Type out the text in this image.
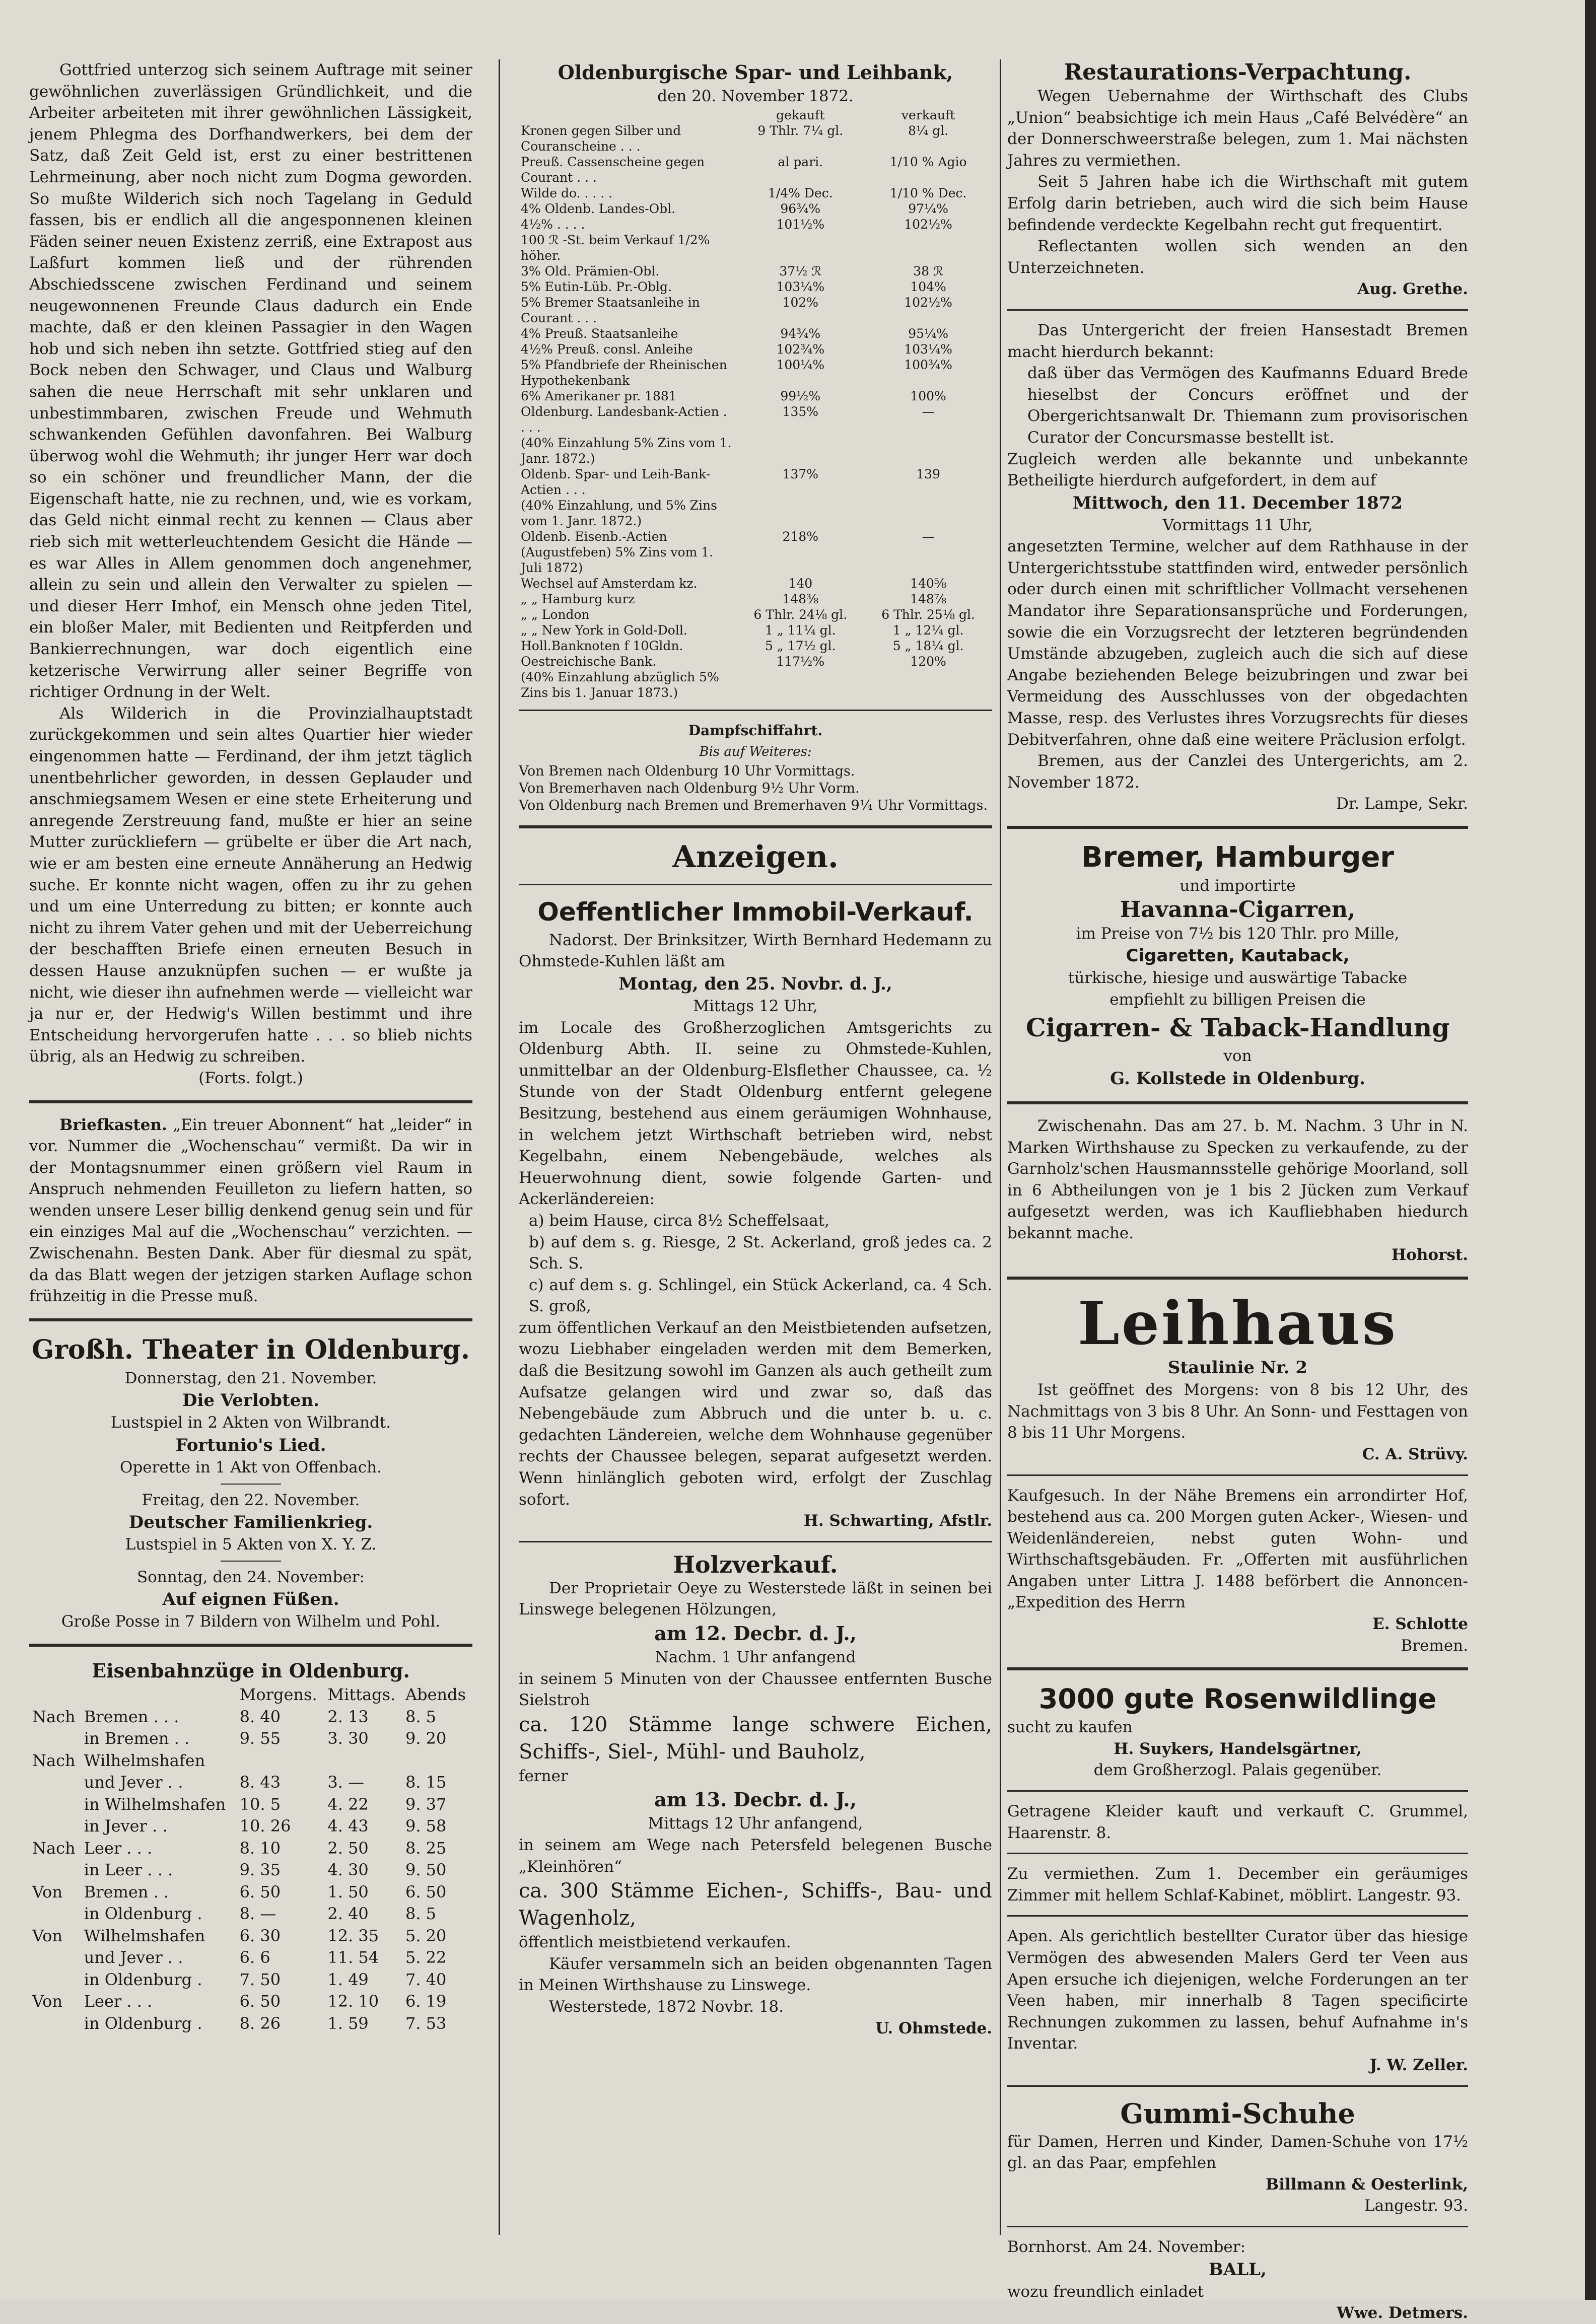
Gottfried unterzog sich seinem Auftrage mit seiner gewöhnlichen zuverlässigen Gründlichkeit, und die Arbeiter arbeiteten mit ihrer gewöhnlichen Lässigkeit, jenem Phlegma des Dorfhandwerkers, bei dem der Satz, daß Zeit Geld ist, erst zu einer bestrittenen Lehrmeinung, aber noch nicht zum Dogma geworden. So mußte Wilderich sich noch Tagelang in Geduld fassen, bis er endlich all die angesponnenen kleinen Fäden seiner neuen Existenz zerriß, eine Extrapost aus Laßfurt kommen ließ und der rührenden Abschiedsscene zwischen Ferdinand und seinem neugewonnenen Freunde Claus dadurch ein Ende machte, daß er den kleinen Passagier in den Wagen hob und sich neben ihn setzte. Gottfried stieg auf den Bock neben den Schwager, und Claus und Walburg sahen die neue Herrschaft mit sehr unklaren und unbestimmbaren, zwischen Freude und Wehmuth schwankenden Gefühlen davonfahren. Bei Walburg überwog wohl die Wehmuth; ihr junger Herr war doch so ein schöner und freundlicher Mann, der die Eigenschaft hatte, nie zu rechnen, und, wie es vorkam, das Geld nicht einmal recht zu kennen — Claus aber rieb sich mit wetterleuchtendem Gesicht die Hände — es war Alles in Allem genommen doch angenehmer, allein zu sein und allein den Verwalter zu spielen — und dieser Herr Imhof, ein Mensch ohne jeden Titel, ein bloßer Maler, mit Bedienten und Reitpferden und Bankierrechnungen, war doch eigentlich eine ketzerische Verwirrung aller seiner Begriffe von richtiger Ordnung in der Welt.

Als Wilderich in die Provinzialhauptstadt zurückgekommen und sein altes Quartier hier wieder eingenommen hatte — Ferdinand, der ihm jetzt täglich unentbehrlicher geworden, in dessen Geplauder und anschmiegsamem Wesen er eine stete Erheiterung und anregende Zerstreuung fand, mußte er hier an seine Mutter zurückliefern — grübelte er über die Art nach, wie er am besten eine erneute Annäherung an Hedwig suche. Er konnte nicht wagen, offen zu ihr zu gehen und um eine Unterredung zu bitten; er konnte auch nicht zu ihrem Vater gehen und mit der Ueberreichung der beschafften Briefe einen erneuten Besuch in dessen Hause anzuknüpfen suchen — er wußte ja nicht, wie dieser ihn aufnehmen werde — vielleicht war ja nur er, der Hedwig's Willen bestimmt und ihre Entscheidung hervorgerufen hatte . . . so blieb nichts übrig, als an Hedwig zu schreiben.

(Forts. folgt.)

Briefkasten. „Ein treuer Abonnent“ hat „leider“ in vor. Nummer die „Wochenschau“ vermißt. Da wir in der Montagsnummer einen größern viel Raum in Anspruch nehmenden Feuilleton zu liefern hatten, so wenden unsere Leser billig denkend genug sein und für ein einziges Mal auf die „Wochenschau“ verzichten. — Zwischenahn. Besten Dank. Aber für diesmal zu spät, da das Blatt wegen der jetzigen starken Auflage schon frühzeitig in die Presse muß.

Großh. Theater in Oldenburg.

Donnerstag, den 21. November.

Die Verlobten.

Lustspiel in 2 Akten von Wilbrandt.

Fortunio's Lied.

Operette in 1 Akt von Offenbach.

Freitag, den 22. November.

Deutscher Familienkrieg.

Lustspiel in 5 Akten von X. Y. Z.

Sonntag, den 24. November:

Auf eignen Füßen.

Große Posse in 7 Bildern von Wilhelm und Pohl.

Eisenbahnzüge in Oldenburg.

		Morgens.	Mittags.	Abends
Nach	Bremen . . .	8. 40	2. 13	8. 5
	in Bremen . .	9. 55	3. 30	9. 20
Nach	Wilhelmshafen			
	und Jever . .	8. 43	3. —	8. 15
	in Wilhelmshafen	10. 5	4. 22	9. 37
	in Jever . .	10. 26	4. 43	9. 58
Nach	Leer . . .	8. 10	2. 50	8. 25
	in Leer . . .	9. 35	4. 30	9. 50
Von	Bremen . .	6. 50	1. 50	6. 50
	in Oldenburg .	8. —	2. 40	8. 5
Von	Wilhelmshafen	6. 30	12. 35	5. 20
	und Jever . .	6. 6	11. 54	5. 22
	in Oldenburg .	7. 50	1. 49	7. 40
Von	Leer . . .	6. 50	12. 10	6. 19
	in Oldenburg .	8. 26	1. 59	7. 53

Oldenburgische Spar- und Leihbank,

den 20. November 1872.

	gekauft	verkauft
Kronen gegen Silber und Couranscheine . . .	9 Thlr. 7¼ gl.	8¼ gl.
Preuß. Cassenscheine gegen Courant . . .	al pari.	1/10 % Agio
Wilde do. . . . .	1/4% Dec.	1/10 % Dec.
4% Oldenb. Landes-Obl.	96¾%	97¼%
4½% . . . .	101½%	102½%
100 ℛ -St. beim Verkauf 1/2% höher.		
3% Old. Prämien-Obl.	37½ ℛ	38 ℛ
5% Eutin-Lüb. Pr.-Oblg.	103¼%	104%
5% Bremer Staatsanleihe in Courant . . .	102%	102½%
4% Preuß. Staatsanleihe	94¾%	95¼%
4½% Preuß. consl. Anleihe	102¾%	103¼%
5% Pfandbriefe der Rheinischen Hypothekenbank	100¼%	100¾%
6% Amerikaner pr. 1881	99½%	100%
Oldenburg. Landesbank-Actien . . . .	135%	—
(40% Einzahlung 5% Zins vom 1. Janr. 1872.)		
Oldenb. Spar- und Leih-Bank-Actien . . .	137%	139
(40% Einzahlung, und 5% Zins vom 1. Janr. 1872.)		
Oldenb. Eisenb.-Actien (Augustfeben) 5% Zins vom 1. Juli 1872)	218%	—
Wechsel auf Amsterdam kz.	140	140⅝
„ „ Hamburg kurz	148⅜	148⅞
„ „ London	6 Thlr. 24⅛ gl.	6 Thlr. 25⅛ gl.
„ „ New York in Gold-Doll.	1 „ 11¼ gl.	1 „ 12¼ gl.
Holl.Banknoten f 10Gldn.	5 „ 17½ gl.	5 „ 18¼ gl.
Oestreichische Bank.	117½%	120%
(40% Einzahlung abzüglich 5% Zins bis 1. Januar 1873.)		

Dampfschiffahrt.

Bis auf Weiteres:

Von Bremen nach Oldenburg 10 Uhr Vormittags.

Von Bremerhaven nach Oldenburg 9½ Uhr Vorm.

Von Oldenburg nach Bremen und Bremerhaven 9¼ Uhr Vormittags.

Anzeigen.

Oeffentlicher Immobil-Verkauf.

Nadorst. Der Brinksitzer, Wirth Bernhard Hedemann zu Ohmstede-Kuhlen läßt am

Montag, den 25. Novbr. d. J.,

Mittags 12 Uhr,

im Locale des Großherzoglichen Amtsgerichts zu Oldenburg Abth. II. seine zu Ohmstede-Kuhlen, unmittelbar an der Oldenburg-Elsflether Chaussee, ca. ½ Stunde von der Stadt Oldenburg entfernt gelegene Besitzung, bestehend aus einem geräumigen Wohnhause, in welchem jetzt Wirthschaft betrieben wird, nebst Kegelbahn, einem Nebengebäude, welches als Heuerwohnung dient, sowie folgende Garten- und Ackerländereien:

a) beim Hause, circa 8½ Scheffelsaat,

b) auf dem s. g. Riesge, 2 St. Ackerland, groß jedes ca. 2 Sch. S.

c) auf dem s. g. Schlingel, ein Stück Ackerland, ca. 4 Sch. S. groß,

zum öffentlichen Verkauf an den Meistbietenden aufsetzen, wozu Liebhaber eingeladen werden mit dem Bemerken, daß die Besitzung sowohl im Ganzen als auch getheilt zum Aufsatze gelangen wird und zwar so, daß das Nebengebäude zum Abbruch und die unter b. u. c. gedachten Ländereien, welche dem Wohnhause gegenüber rechts der Chaussee belegen, separat aufgesetzt werden. Wenn hinlänglich geboten wird, erfolgt der Zuschlag sofort.

H. Schwarting, Afstlr.

Holzverkauf.

Der Proprietair Oeye zu Westerstede läßt in seinen bei Linswege belegenen Hölzungen,

am 12. Decbr. d. J.,

Nachm. 1 Uhr anfangend

in seinem 5 Minuten von der Chaussee entfernten Busche Sielstroh

ca. 120 Stämme lange schwere Eichen, Schiffs-, Siel-, Mühl- und Bauholz,

ferner

am 13. Decbr. d. J.,

Mittags 12 Uhr anfangend,

in seinem am Wege nach Petersfeld belegenen Busche „Kleinhören“

ca. 300 Stämme Eichen-, Schiffs-, Bau- und Wagenholz,

öffentlich meistbietend verkaufen.

Käufer versammeln sich an beiden obgenannten Tagen in Meinen Wirthshause zu Linswege.

Westerstede, 1872 Novbr. 18.

U. Ohmstede.

Restaurations-Verpachtung.

Wegen Uebernahme der Wirthschaft des Clubs „Union“ beabsichtige ich mein Haus „Café Belvédère“ an der Donnerschweerstraße belegen, zum 1. Mai nächsten Jahres zu vermiethen.

Seit 5 Jahren habe ich die Wirthschaft mit gutem Erfolg darin betrieben, auch wird die sich beim Hause befindende verdeckte Kegelbahn recht gut frequentirt.

Reflectanten wollen sich wenden an den Unterzeichneten.

Aug. Grethe.

Das Untergericht der freien Hansestadt Bremen macht hierdurch bekannt:

daß über das Vermögen des Kaufmanns Eduard Brede hieselbst der Concurs eröffnet und der Obergerichtsanwalt Dr. Thiemann zum provisorischen Curator der Concursmasse bestellt ist.

Zugleich werden alle bekannte und unbekannte Betheiligte hierdurch aufgefordert, in dem auf

Mittwoch, den 11. December 1872

Vormittags 11 Uhr,

angesetzten Termine, welcher auf dem Rathhause in der Untergerichtsstube stattfinden wird, entweder persönlich oder durch einen mit schriftlicher Vollmacht versehenen Mandator ihre Separationsansprüche und Forderungen, sowie die ein Vorzugsrecht der letzteren begründenden Umstände abzugeben, zugleich auch die sich auf diese Angabe beziehenden Belege beizubringen und zwar bei Vermeidung des Ausschlusses von der obgedachten Masse, resp. des Verlustes ihres Vorzugsrechts für dieses Debitverfahren, ohne daß eine weitere Präclusion erfolgt.

Bremen, aus der Canzlei des Untergerichts, am 2. November 1872.

Dr. Lampe, Sekr.

Bremer, Hamburger

und importirte

Havanna-Cigarren,

im Preise von 7½ bis 120 Thlr. pro Mille,

Cigaretten, Kautaback,

türkische, hiesige und auswärtige Tabacke

empfiehlt zu billigen Preisen die

Cigarren- & Taback-Handlung

von

G. Kollstede in Oldenburg.

Zwischenahn. Das am 27. b. M. Nachm. 3 Uhr in N. Marken Wirthshause zu Specken zu verkaufende, zu der Garnholz'schen Hausmannsstelle gehörige Moorland, soll in 6 Abtheilungen von je 1 bis 2 Jücken zum Verkauf aufgesetzt werden, was ich Kaufliebhaben hiedurch bekannt mache.

Hohorst.

Leihhaus

Staulinie Nr. 2

Ist geöffnet des Morgens: von 8 bis 12 Uhr, des Nachmittags von 3 bis 8 Uhr. An Sonn- und Festtagen von 8 bis 11 Uhr Morgens.

C. A. Strüvy.

Kaufgesuch. In der Nähe Bremens ein arrondirter Hof, bestehend aus ca. 200 Morgen guten Acker-, Wiesen- und Weidenländereien, nebst guten Wohn- und Wirthschaftsgebäuden. Fr. „Offerten mit ausführlichen Angaben unter Littra J. 1488 beförbert die Annoncen-„Expedition des Herrn

E. Schlotte

Bremen.

3000 gute Rosenwildlinge

sucht zu kaufen

H. Suykers, Handelsgärtner,

dem Großherzogl. Palais gegenüber.

Getragene Kleider kauft und verkauft C. Grummel, Haarenstr. 8.

Zu vermiethen. Zum 1. December ein geräumiges Zimmer mit hellem Schlaf-Kabinet, möblirt. Langestr. 93.

Apen. Als gerichtlich bestellter Curator über das hiesige Vermögen des abwesenden Malers Gerd ter Veen aus Apen ersuche ich diejenigen, welche Forderungen an ter Veen haben, mir innerhalb 8 Tagen specificirte Rechnungen zukommen zu lassen, behuf Aufnahme in's Inventar.

J. W. Zeller.

Gummi-Schuhe

für Damen, Herren und Kinder, Damen-Schuhe von 17½ gl. an das Paar, empfehlen

Billmann & Oesterlink,

Langestr. 93.

Bornhorst. Am 24. November:

BALL,

wozu freundlich einladet

Wwe. Detmers.
